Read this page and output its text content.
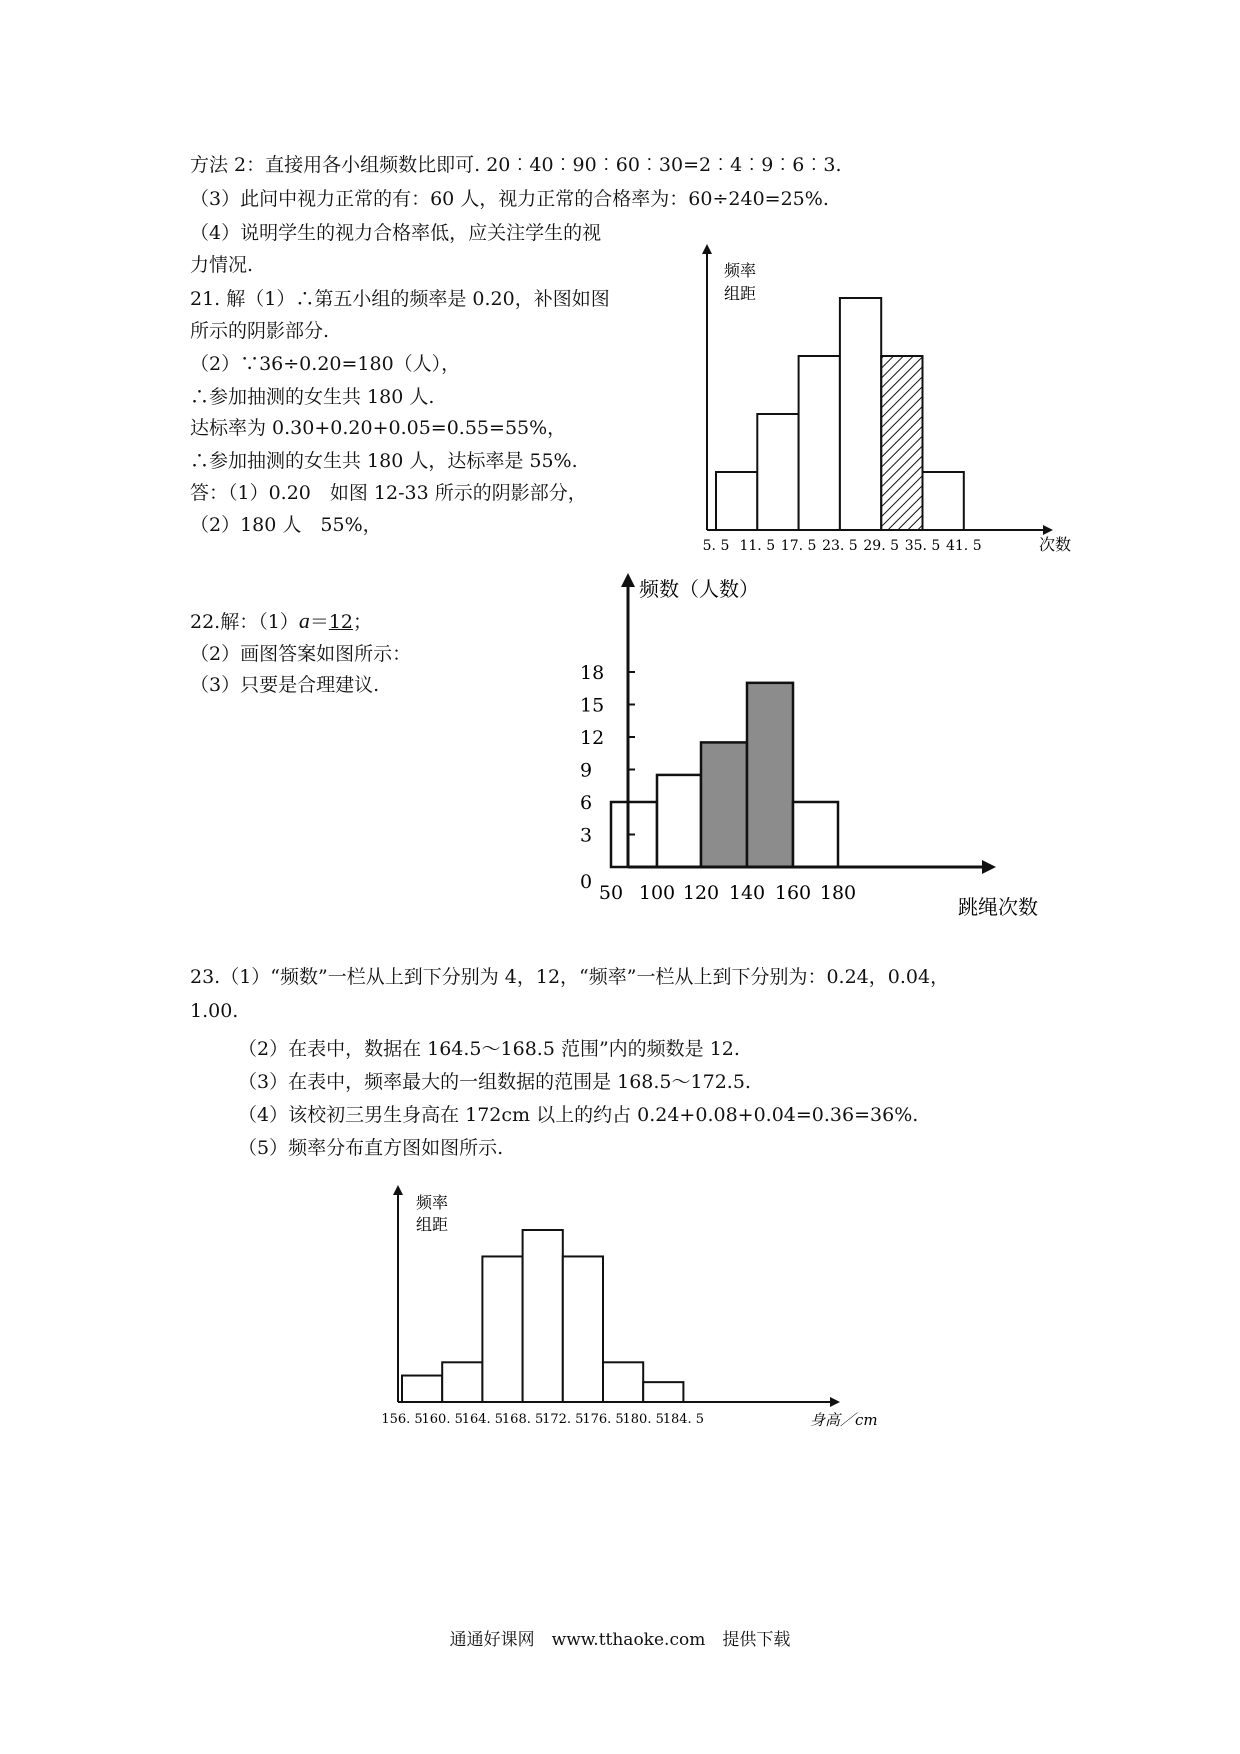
方法 2：直接用各小组频数比即可. 20︰40︰90︰60︰30=2︰4︰9︰6︰3.
（3）此问中视力正常的有：60 人，视力正常的合格率为：60÷240=25%.
（4）说明学生的视力合格率低，应关注学生的视
力情况.
21. 解（1）∴第五小组的频率是 0.20，补图如图
所示的阴影部分.
（2）∵36÷0.20=180（人），
∴参加抽测的女生共 180 人.
达标率为 0.30+0.20+0.05=0.55=55%，
∴参加抽测的女生共 180 人，达标率是 55%.
答：（1）0.20　如图 12-33 所示的阴影部分，
（2）180 人　55%，
22.解：（1）a＝12；
（2）画图答案如图所示：
（3）只要是合理建议.
23.（1）“频数”一栏从上到下分别为 4，12，“频率”一栏从上到下分别为：0.24，0.04，
1.00.
（2）在表中，数据在 164.5～168.5 范围”内的频数是 12.
（3）在表中，频率最大的一组数据的范围是 168.5～172.5.
（4）该校初三男生身高在 172cm 以上的约占 0.24+0.08+0.04=0.36=36%.
（5）频率分布直方图如图所示.
频率
组距
次数
5. 5 11. 5 17. 5 23. 5 29. 5 35. 5 41. 5
频数（人数）
跳绳次数
0
3
6
9
12
15
18
50 100 120 140 160 180
频率
组距
身高／cm
156. 5
160. 5
164. 5
168. 5
172. 5
176. 5
180. 5
184. 5
通通好课网　www.tthaoke.com　提供下载
